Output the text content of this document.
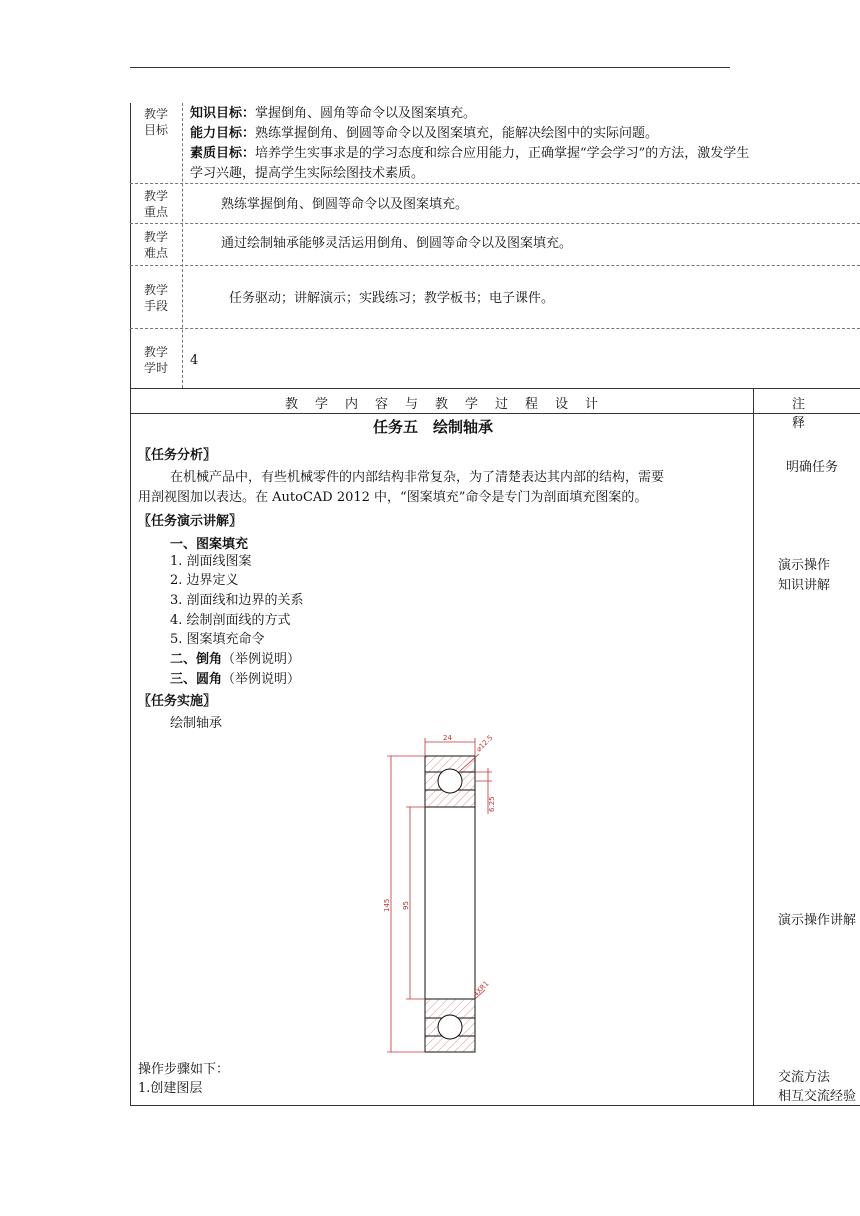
教学
目标
教学
重点
教学
难点
教学
手段
教学
学时
知识目标：掌握倒角、圆角等命令以及图案填充。
能力目标：熟练掌握倒角、倒圆等命令以及图案填充，能解决绘图中的实际问题。
素质目标：培养学生实事求是的学习态度和综合应用能力，正确掌握“学会学习”的方法，激发学生
学习兴趣，提高学生实际绘图技术素质。
熟练掌握倒角、倒圆等命令以及图案填充。
通过绘制轴承能够灵活运用倒角、倒圆等命令以及图案填充。
任务驱动；讲解演示；实践练习；教学板书；电子课件。
4
教学内容与教学过程设计	注释
任务五　绘制轴承
〖任务分析〗
在机械产品中，有些机械零件的内部结构非常复杂，为了清楚表达其内部的结构，需要
用剖视图加以表达。在 AutoCAD 2012 中，“图案填充”命令是专门为剖面填充图案的。
〖任务演示讲解〗
一、图案填充
1. 剖面线图案
2. 边界定义
3. 剖面线和边界的关系
4. 绘制剖面线的方式
5. 图案填充命令
二、倒角（举例说明）
三、圆角（举例说明）
〖任务实施〗
绘制轴承
24	⌀12.5
6.25
145 95
4XR1
操作步骤如下：
1.创建图层
明确任务
演示操作
知识讲解
演示操作讲解
交流方法
相互交流经验
